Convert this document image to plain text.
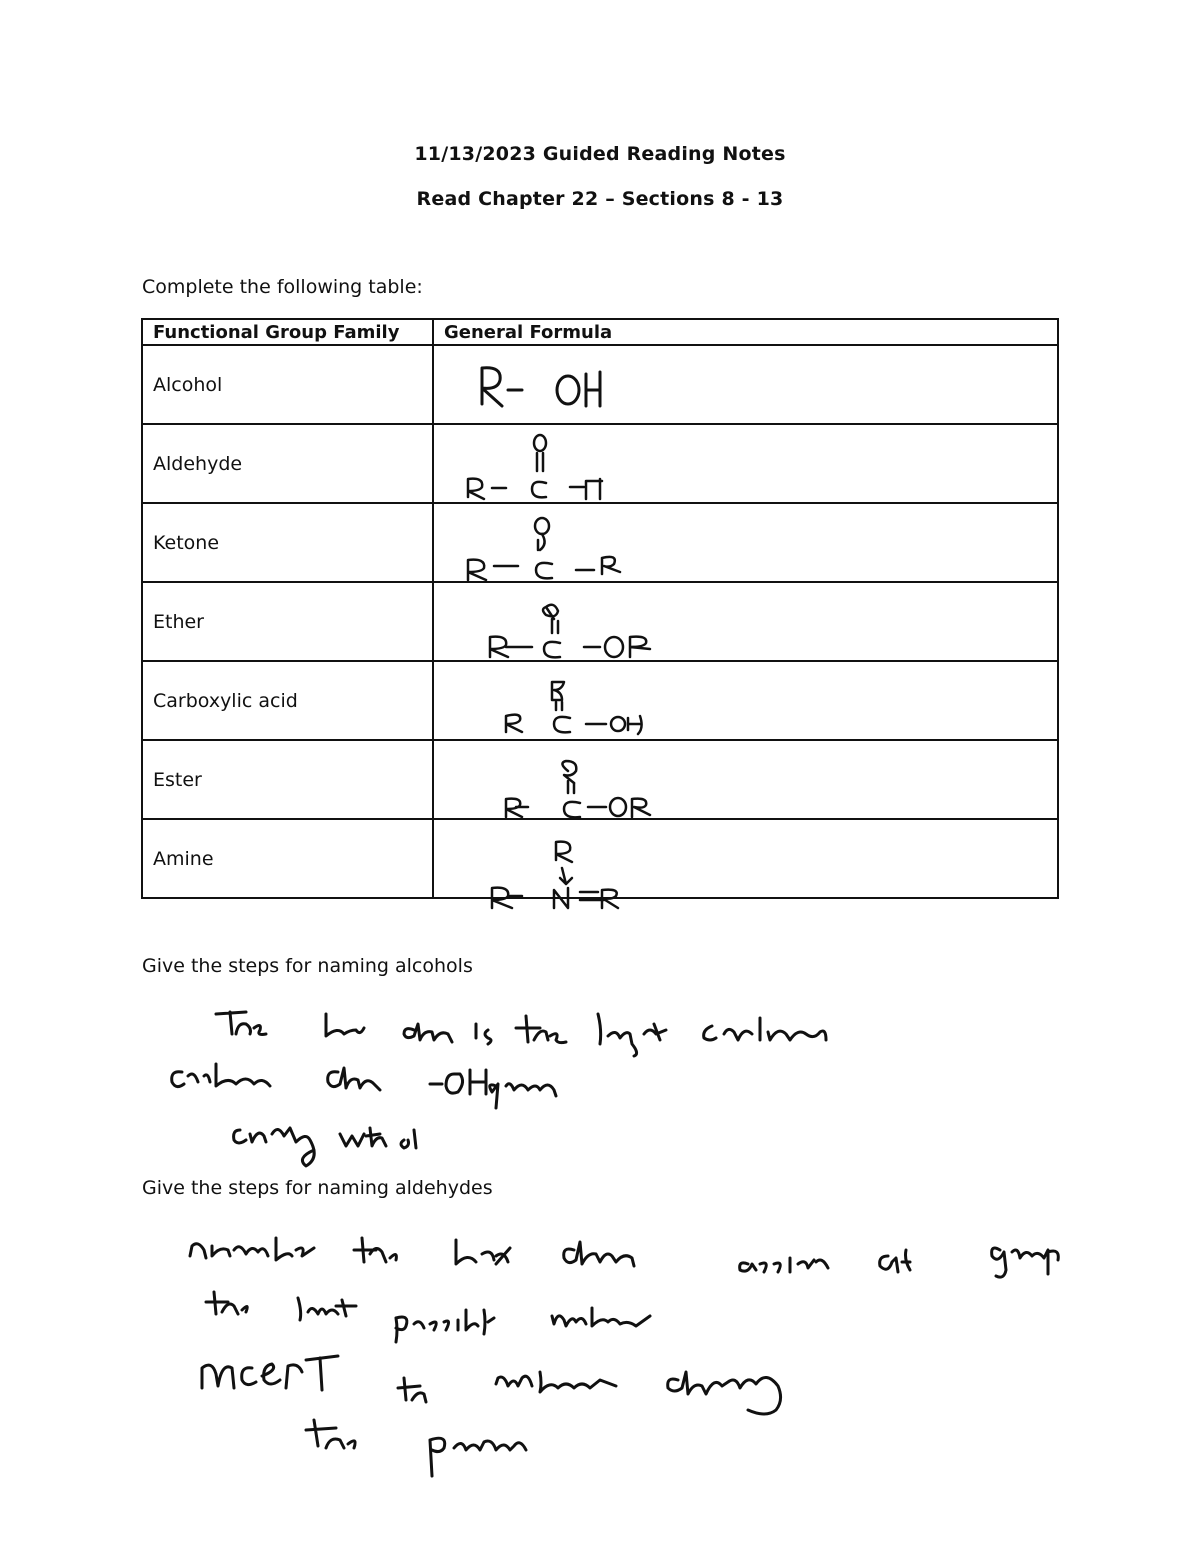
11/13/2023 Guided Reading Notes
Read Chapter 22 – Sections 8 - 13
Complete the following table:
Functional Group Family	General Formula
Alcohol	

Aldehyde	

Ketone	

Ether	

Carboxylic acid	

Ester	

Amine	
Give the steps for naming alcohols
Give the steps for naming aldehydes
